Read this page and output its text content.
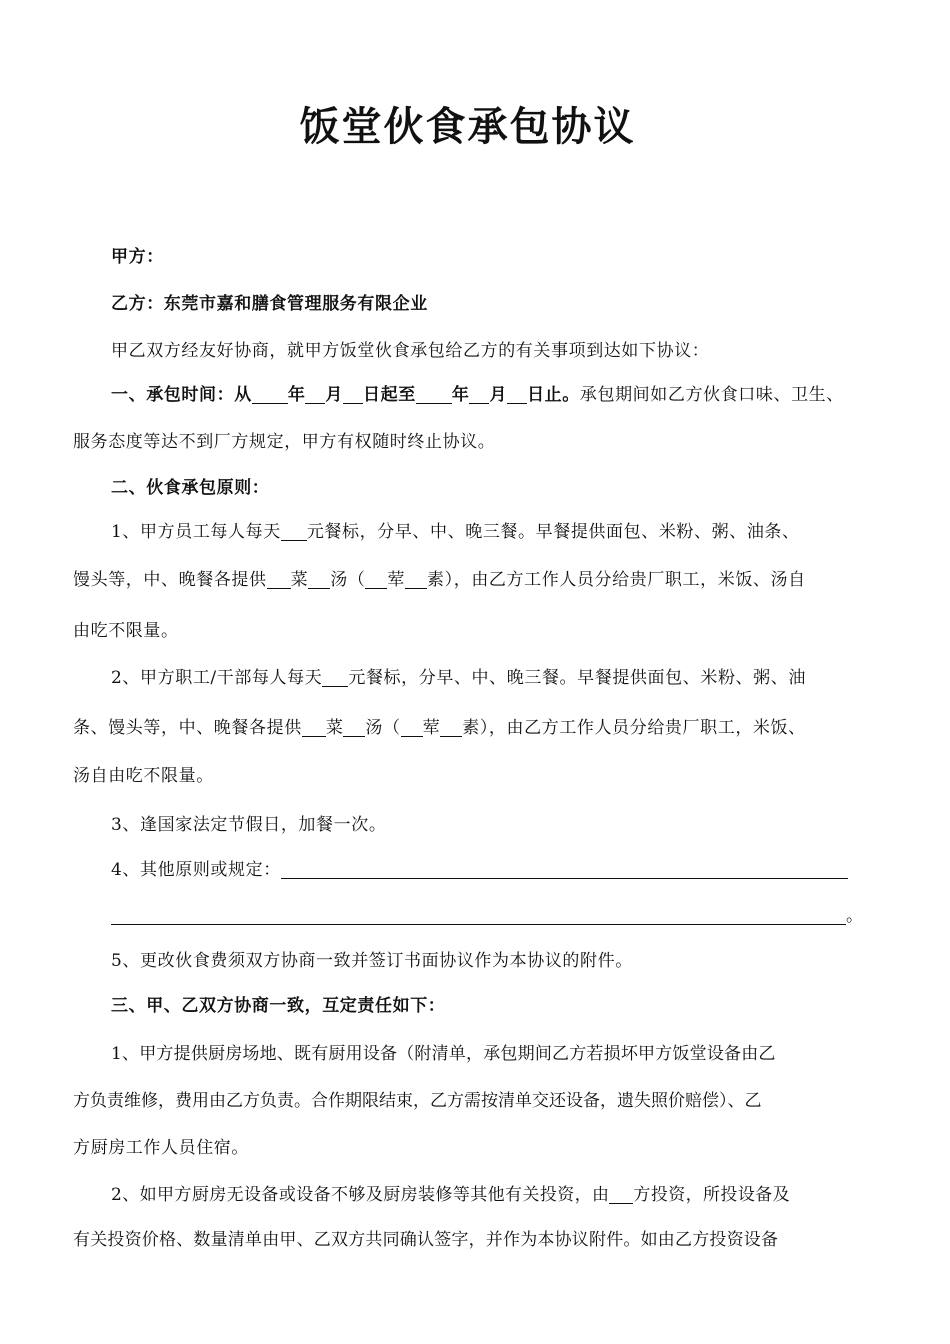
饭堂伙食承包协议
甲方：
乙方：东莞市嘉和膳食管理服务有限企业
甲乙双方经友好协商，就甲方饭堂伙食承包给乙方的有关事项到达如下协议：
一、承包时间：从 年 月 日起至 年 月 日止。承包期间如乙方伙食口味、卫生、
服务态度等达不到厂方规定，甲方有权随时终止协议。
二、伙食承包原则：
1、甲方员工每人每天 元餐标，分早、中、晚三餐。早餐提供面包、米粉、粥、油条、
馒头等，中、晚餐各提供 菜 汤（ 荤 素），由乙方工作人员分给贵厂职工，米饭、汤自
由吃不限量。
2、甲方职工/干部每人每天 元餐标，分早、中、晚三餐。早餐提供面包、米粉、粥、油
条、馒头等，中、晚餐各提供 菜 汤（ 荤 素），由乙方工作人员分给贵厂职工，米饭、
汤自由吃不限量。
3、逢国家法定节假日，加餐一次。
4、其他原则或规定：
。
5、更改伙食费须双方协商一致并签订书面协议作为本协议的附件。
三、甲、乙双方协商一致，互定责任如下：
1、甲方提供厨房场地、既有厨用设备（附清单，承包期间乙方若损坏甲方饭堂设备由乙
方负责维修，费用由乙方负责。合作期限结束，乙方需按清单交还设备，遗失照价赔偿）、乙
方厨房工作人员住宿。
2、如甲方厨房无设备或设备不够及厨房装修等其他有关投资，由 方投资，所投设备及
有关投资价格、数量清单由甲、乙双方共同确认签字，并作为本协议附件。如由乙方投资设备
